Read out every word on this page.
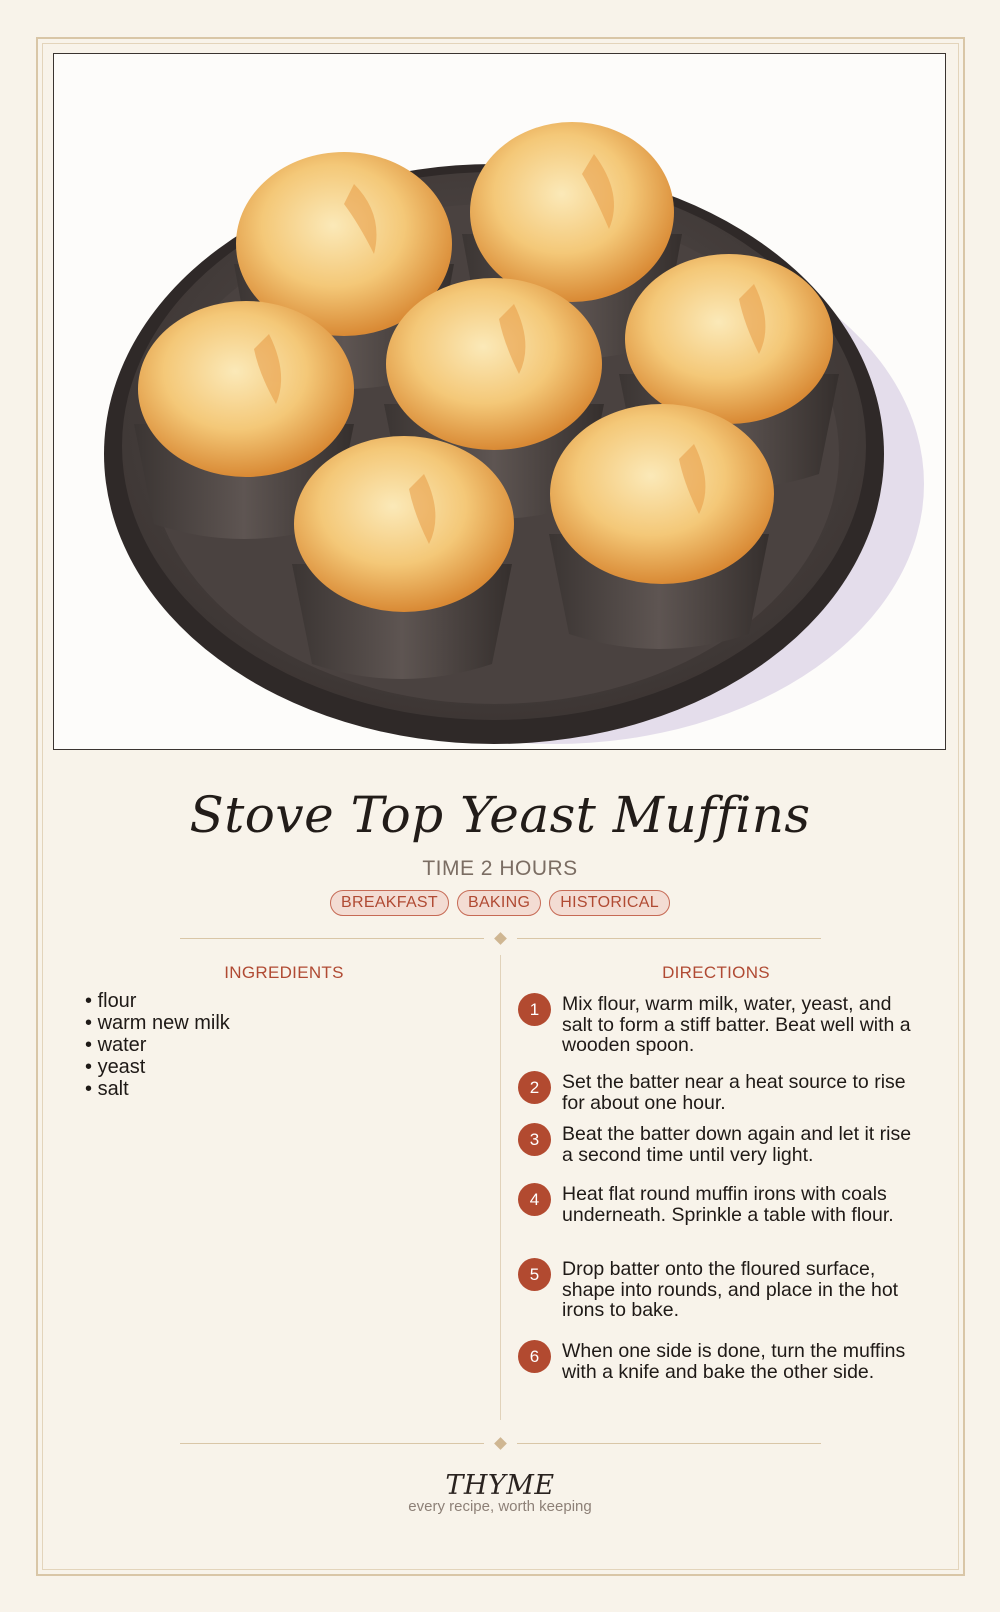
Stove Top Yeast Muffins
TIME 2 HOURS
BREAKFAST	BAKING	HISTORICAL
INGREDIENTS	DIRECTIONS
• flour
• warm new milk
• water
• yeast
• salt
1	Mix flour, warm milk, water, yeast, and salt to form a stiff batter. Beat well with a wooden spoon.
2	Set the batter near a heat source to rise for about one hour.
3	Beat the batter down again and let it rise a second time until very light.
4	Heat flat round muffin irons with coals underneath. Sprinkle a table with flour.
5	Drop batter onto the floured surface, shape into rounds, and place in the hot irons to bake.
6	When one side is done, turn the muffins with a knife and bake the other side.
THYME
every recipe, worth keeping
